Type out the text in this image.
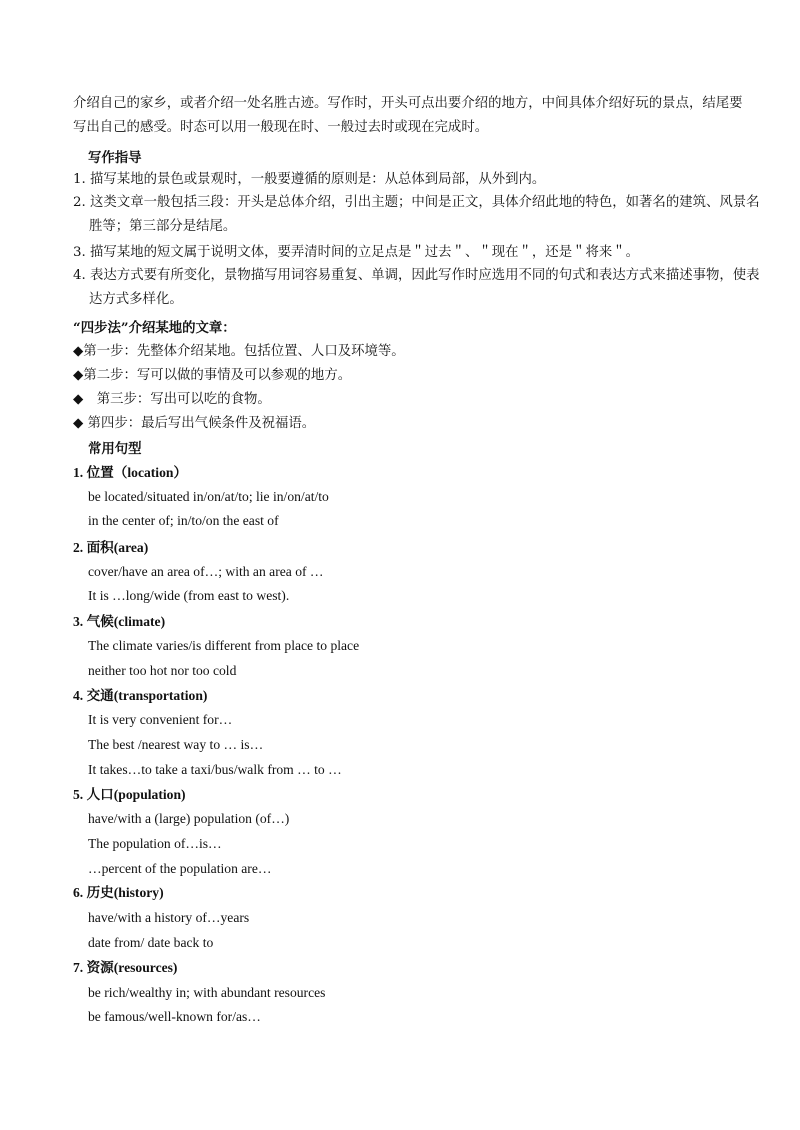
介绍自己的家乡，或者介绍一处名胜古迹。写作时，开头可点出要介绍的地方，中间具体介绍好玩的景点，结尾要写出自己的感受。时态可以用一般现在时、一般过去时或现在完成时。

写作指导

1. 描写某地的景色或景观时，一般要遵循的原则是：从总体到局部，从外到内。

2. 这类文章一般包括三段：开头是总体介绍，引出主题；中间是正文，具体介绍此地的特色，如著名的建筑、风景名胜等；第三部分是结尾。

3. 描写某地的短文属于说明文体，要弄清时间的立足点是＂过去＂、＂现在＂，还是＂将来＂。

4. 表达方式要有所变化，景物描写用词容易重复、单调，因此写作时应选用不同的句式和表达方式来描述事物，使表达方式多样化。

“四步法”介绍某地的文章：

◆第一步：先整体介绍某地。包括位置、人口及环境等。

◆第二步：写可以做的事情及可以参观的地方。

◆　第三步：写出可以吃的食物。

◆ 第四步：最后写出气候条件及祝福语。

常用句型

1. 位置（location）

be located/situated in/on/at/to; lie in/on/at/to

in the center of; in/to/on the east of

2. 面积(area)

cover/have an area of…; with an area of …

It is …long/wide (from east to west).

3. 气候(climate)

The climate varies/is different from place to place

neither too hot nor too cold

4. 交通(transportation)

It is very convenient for…

The best /nearest way to … is…

It takes…to take a taxi/bus/walk from … to …

5. 人口(population)

have/with a (large) population (of…)

The population of…is…

…percent of the population are…

6. 历史(history)

have/with a history of…years

date from/ date back to

7. 资源(resources)

be rich/wealthy in; with abundant resources

be famous/well-known for/as…
